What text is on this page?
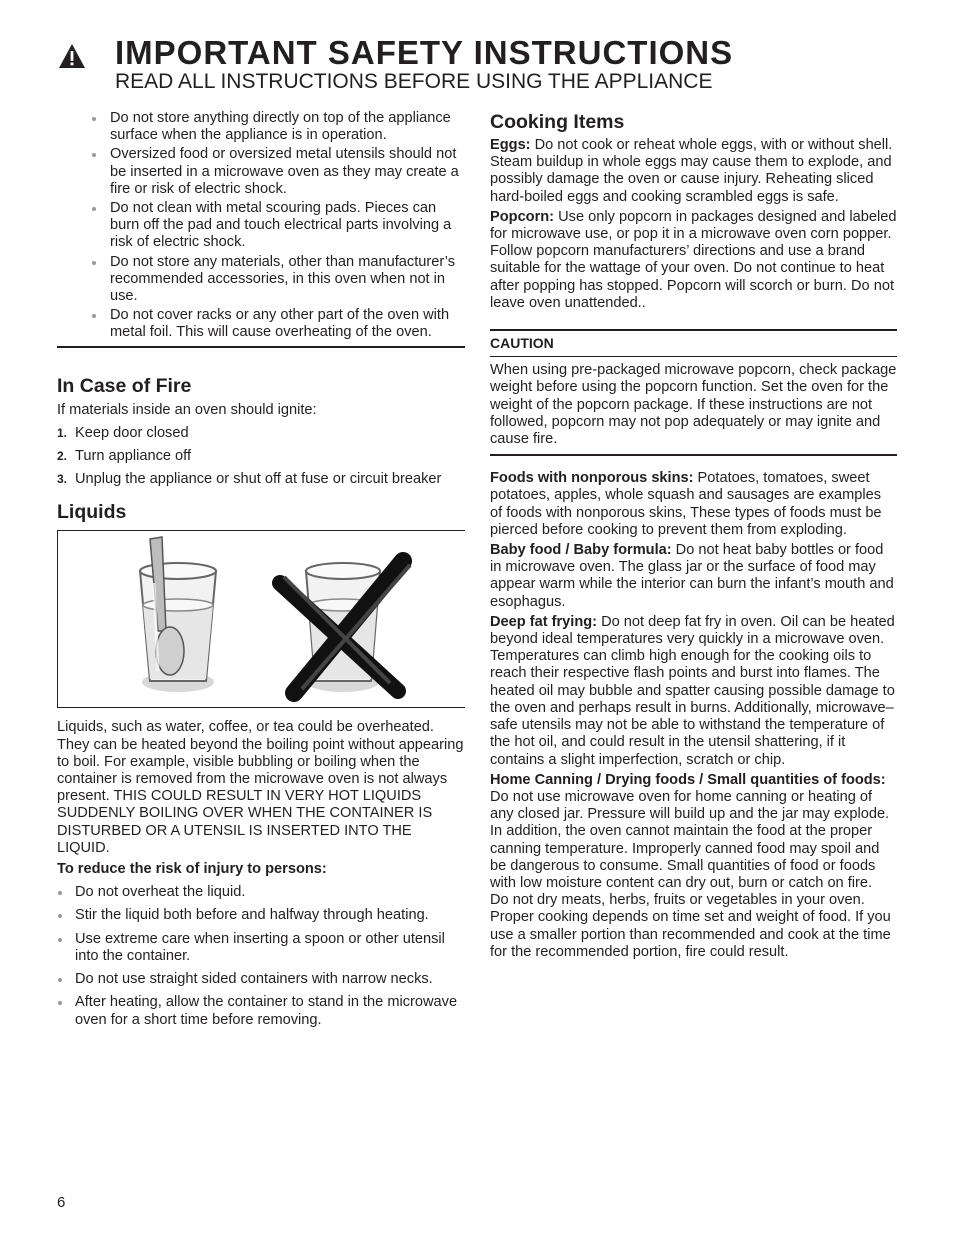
IMPORTANT SAFETY INSTRUCTIONS
READ ALL INSTRUCTIONS BEFORE USING THE APPLIANCE
Do not store anything directly on top of the appliance surface when the appliance is in operation.
Oversized food or oversized metal utensils should not be inserted in a microwave oven as they may create a fire or risk of electric shock.
Do not clean with metal scouring pads. Pieces can burn off the pad and touch electrical parts involving a risk of electric shock.
Do not store any materials, other than manufacturer’s recommended accessories, in this oven when not in use.
Do not cover racks or any other part of the oven with metal foil. This will cause overheating of the oven.
In Case of Fire

If materials inside an oven should ignite:

1. Keep door closed
2. Turn appliance off
3. Unplug the appliance or shut off at fuse or circuit breaker
Liquids

Liquids, such as water, coffee, or tea could be overheated. They can be heated beyond the boiling point without appearing to boil. For example, visible bubbling or boiling when the container is removed from the microwave oven is not always present. THIS COULD RESULT IN VERY HOT LIQUIDS SUDDENLY BOILING OVER WHEN THE CONTAINER IS DISTURBED OR A UTENSIL IS INSERTED INTO THE LIQUID.

To reduce the risk of injury to persons:

Do not overheat the liquid.
Stir the liquid both before and halfway through heating.
Use extreme care when inserting a spoon or other utensil into the container.
Do not use straight sided containers with narrow necks.
After heating, allow the container to stand in the microwave oven for a short time before removing.
Cooking Items

Eggs: Do not cook or reheat whole eggs, with or without shell. Steam buildup in whole eggs may cause them to explode, and possibly damage the oven or cause injury. Reheating sliced hard-boiled eggs and cooking scrambled eggs is safe.

Popcorn: Use only popcorn in packages designed and labeled for microwave use, or pop it in a microwave oven corn popper. Follow popcorn manufacturers’ directions and use a brand suitable for the wattage of your oven. Do not continue to heat after popping has stopped. Popcorn will scorch or burn. Do not leave oven unattended..

CAUTION

When using pre-packaged microwave popcorn, check package weight before using the popcorn function. Set the oven for the weight of the popcorn package. If these instructions are not followed, popcorn may not pop adequately or may ignite and cause fire.

Foods with nonporous skins: Potatoes, tomatoes, sweet potatoes, apples, whole squash and sausages are examples of foods with nonporous skins, These types of foods must be pierced before cooking to prevent them from exploding.

Baby food / Baby formula: Do not heat baby bottles or food in microwave oven. The glass jar or the surface of food may appear warm while the interior can burn the infant’s mouth and esophagus.

Deep fat frying: Do not deep fat fry in oven. Oil can be heated beyond ideal temperatures very quickly in a microwave oven. Temperatures can climb high enough for the cooking oils to reach their respective flash points and burst into flames. The heated oil may bubble and spatter causing possible damage to the oven and perhaps result in burns. Additionally, microwave–safe utensils may not be able to withstand the temperature of the hot oil, and could result in the utensil shattering, if it contains a slight imperfection, scratch or chip.

Home Canning / Drying foods / Small quantities of foods: Do not use microwave oven for home canning or heating of any closed jar. Pressure will build up and the jar may explode. In addition, the oven cannot maintain the food at the proper canning temperature. Improperly canned food may spoil and be dangerous to consume. Small quantities of food or foods with low moisture content can dry out, burn or catch on fire.

Do not dry meats, herbs, fruits or vegetables in your oven.

Proper cooking depends on time set and weight of food. If you use a smaller portion than recommended and cook at the time for the recommended portion, fire could result.

6
